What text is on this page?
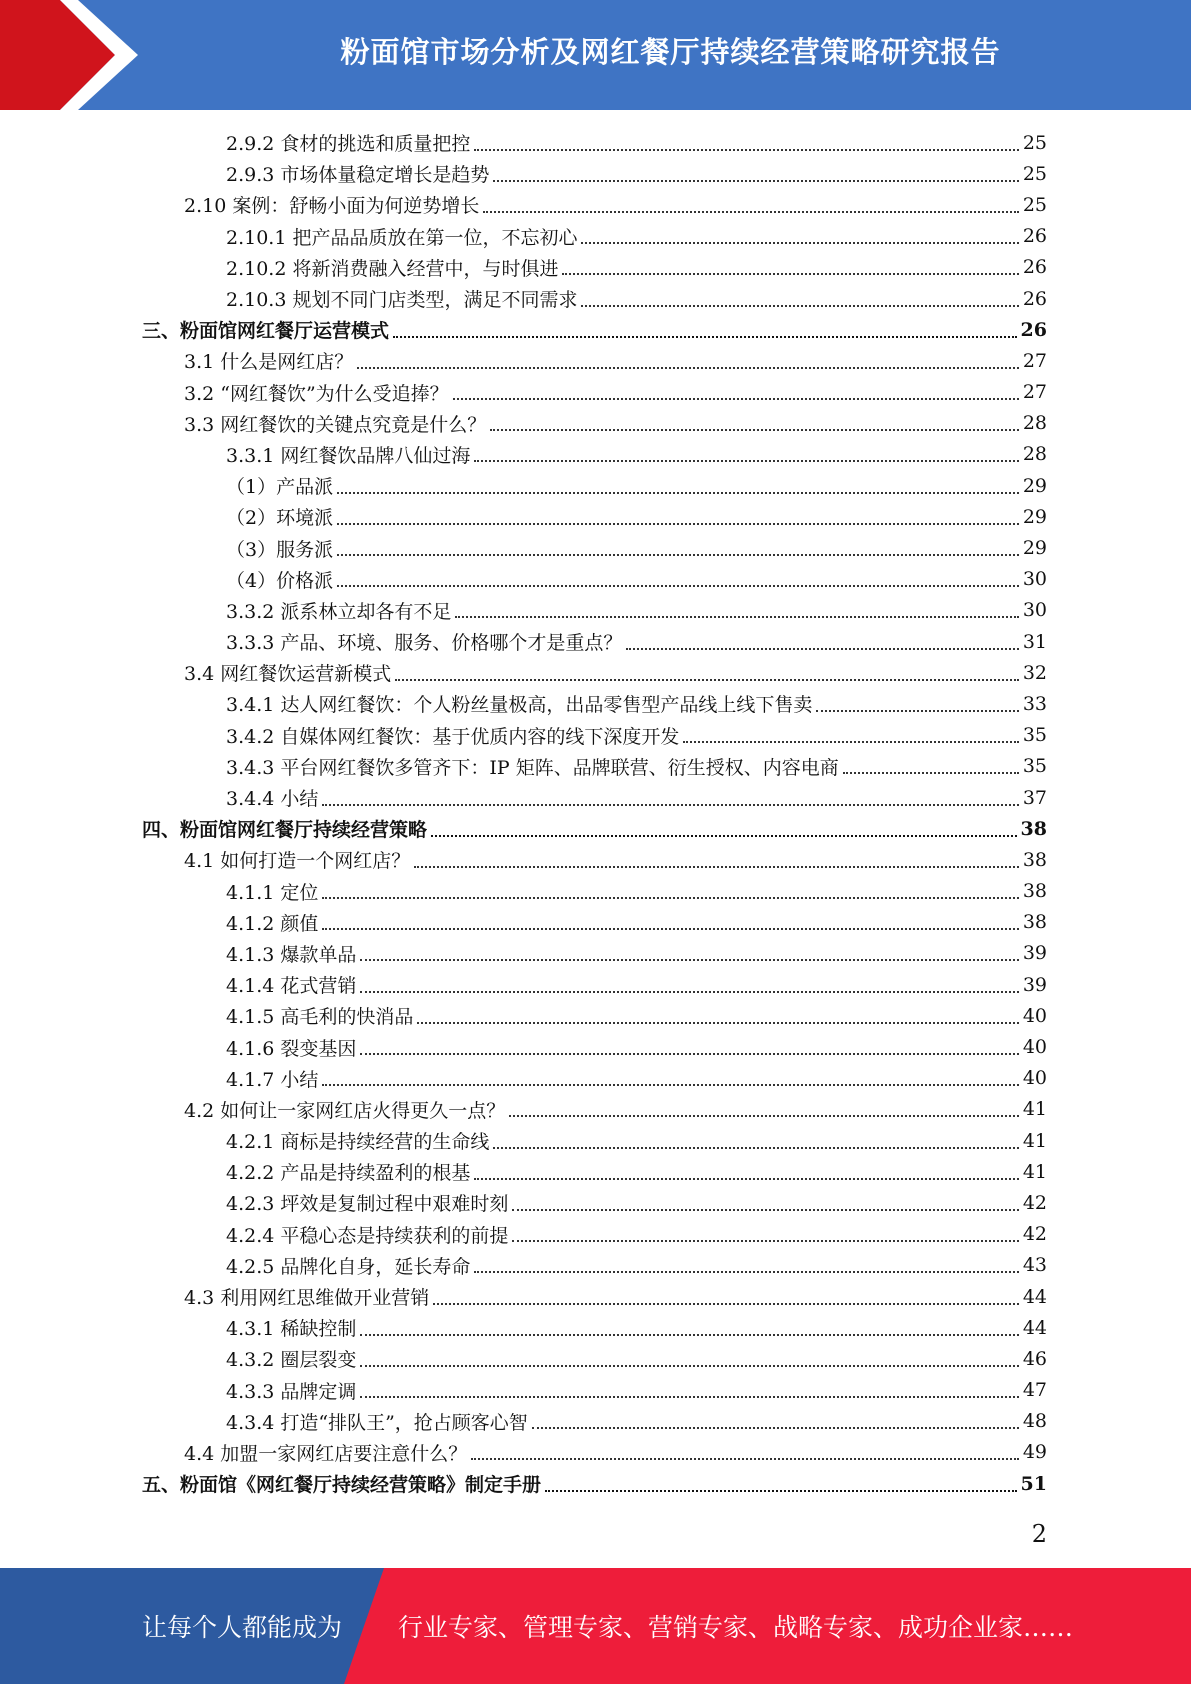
粉面馆市场分析及网红餐厅持续经营策略研究报告
2.9.2 食材的挑选和质量把控	25
2.9.3 市场体量稳定增长是趋势	25
2.10 案例：舒畅小面为何逆势增长	25
2.10.1 把产品品质放在第一位，不忘初心	26
2.10.2 将新消费融入经营中，与时俱进	26
2.10.3 规划不同门店类型，满足不同需求	26
三、粉面馆网红餐厅运营模式	26
3.1 什么是网红店？	27
3.2 “网红餐饮”为什么受追捧？	27
3.3 网红餐饮的关键点究竟是什么？	28
3.3.1 网红餐饮品牌八仙过海	28
（1）产品派	29
（2）环境派	29
（3）服务派	29
（4）价格派	30
3.3.2 派系林立却各有不足	30
3.3.3 产品、环境、服务、价格哪个才是重点？	31
3.4 网红餐饮运营新模式	32
3.4.1 达人网红餐饮：个人粉丝量极高，出品零售型产品线上线下售卖	33
3.4.2 自媒体网红餐饮：基于优质内容的线下深度开发	35
3.4.3 平台网红餐饮多管齐下：IP 矩阵、品牌联营、衍生授权、内容电商	35
3.4.4 小结	37
四、粉面馆网红餐厅持续经营策略	38
4.1 如何打造一个网红店？	38
4.1.1 定位	38
4.1.2 颜值	38
4.1.3 爆款单品	39
4.1.4 花式营销	39
4.1.5 高毛利的快消品	40
4.1.6 裂变基因	40
4.1.7 小结	40
4.2 如何让一家网红店火得更久一点？	41
4.2.1 商标是持续经营的生命线	41
4.2.2 产品是持续盈利的根基	41
4.2.3 坪效是复制过程中艰难时刻	42
4.2.4 平稳心态是持续获利的前提	42
4.2.5 品牌化自身，延长寿命	43
4.3 利用网红思维做开业营销	44
4.3.1 稀缺控制	44
4.3.2 圈层裂变	46
4.3.3 品牌定调	47
4.3.4 打造“排队王”，抢占顾客心智	48
4.4 加盟一家网红店要注意什么？	49
五、粉面馆《网红餐厅持续经营策略》制定手册	51
2
让每个人都能成为 行业专家、管理专家、营销专家、战略专家、成功企业家……
